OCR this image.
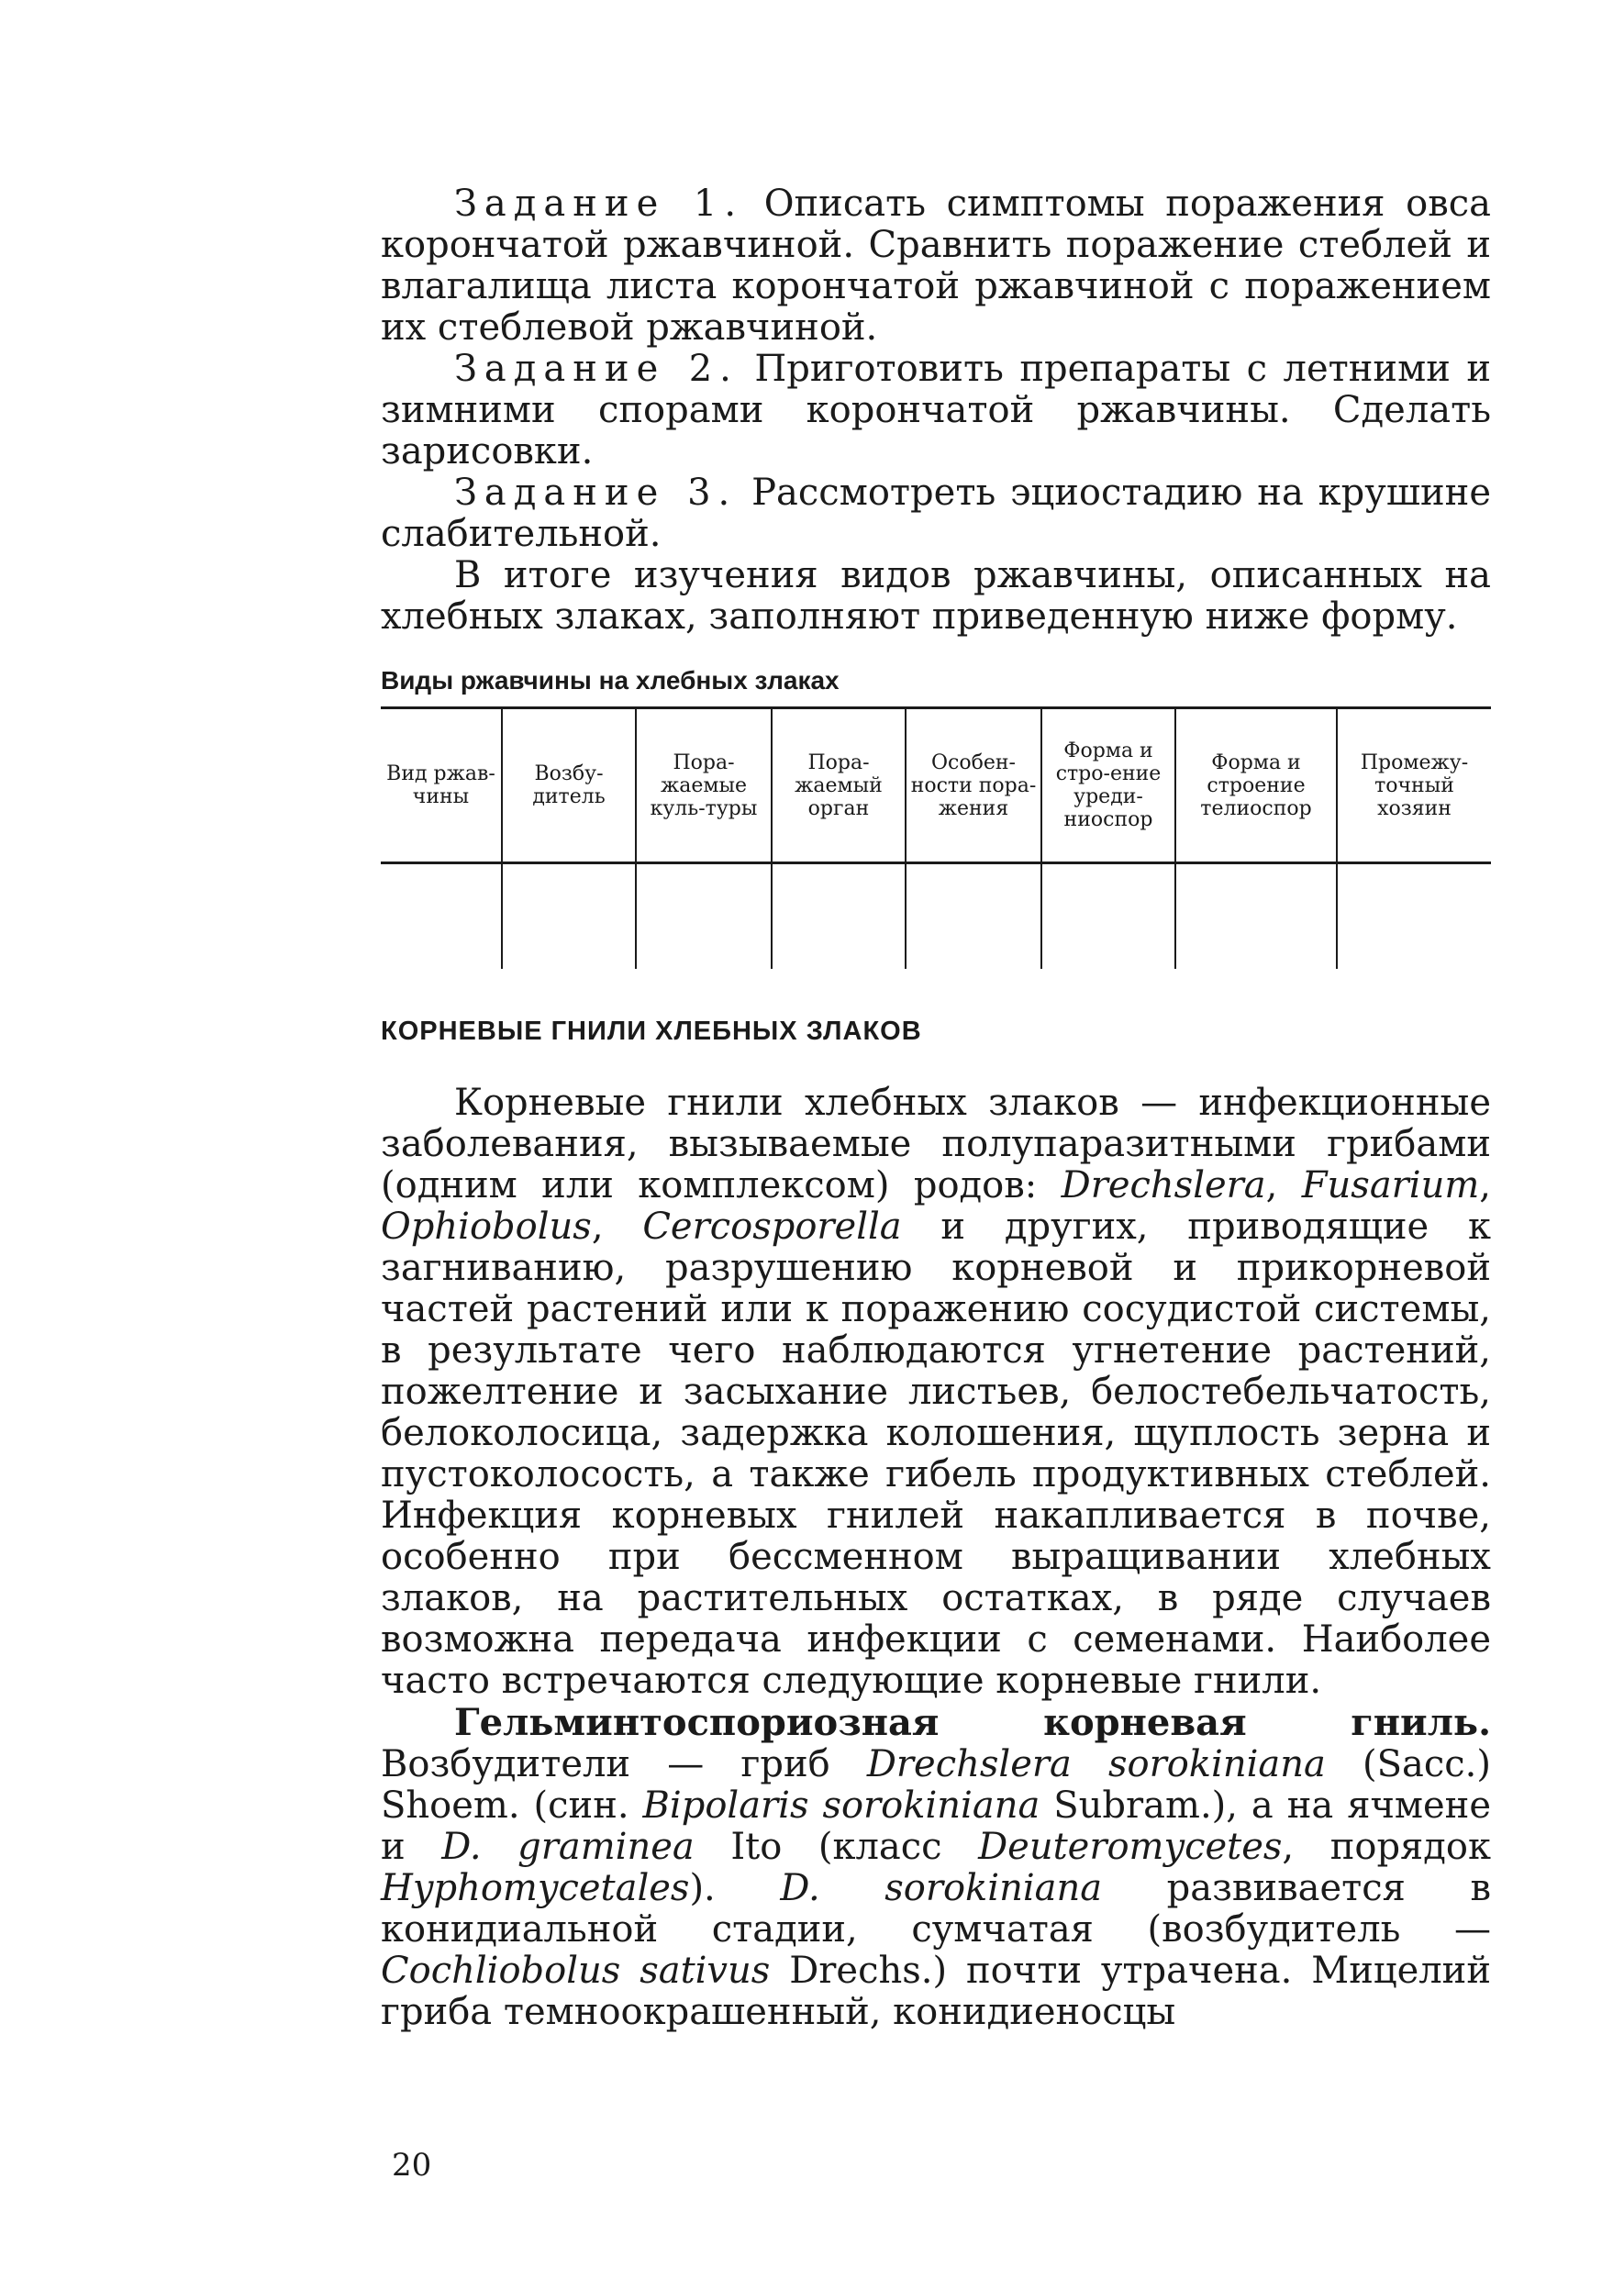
Задание 1. Описать симптомы поражения овса корончатой ржавчиной. Сравнить поражение стеблей и влагалища листа корончатой ржавчиной с поражением их стеблевой ржавчиной.

Задание 2. Приготовить препараты с летними и зимними спорами корончатой ржавчины. Сделать зарисовки.

Задание 3. Рассмотреть эциостадию на крушине слабительной.

В итоге изучения видов ржавчины, описанных на хлебных злаках, заполняют приведенную ниже форму.

Виды ржавчины на хлебных злаках
Вид ржав-чины	Возбу-дитель	Пора-жаемые куль-туры	Пора-жаемый орган	Особен-ности пора-жения	Форма и стро-ение уреди-ниоспор	Форма и строение телиоспор	Промежу-точный хозяин

КОРНЕВЫЕ ГНИЛИ ХЛЕБНЫХ ЗЛАКОВ

Корневые гнили хлебных злаков — инфекционные заболевания, вызываемые полупаразитными грибами (одним или комплексом) родов: Drechslera, Fusarium, Ophiobolus, Cercosporella и других, приводящие к загниванию, разрушению корневой и прикорневой частей растений или к поражению сосудистой системы, в результате чего наблюдаются угнетение растений, пожелтение и засыхание листьев, белостебельчатость, белоколосица, задержка колошения, щуплость зерна и пустоколосость, а также гибель продуктивных стеблей. Инфекция корневых гнилей накапливается в почве, особенно при бессменном выращивании хлебных злаков, на растительных остатках, в ряде случаев возможна передача инфекции с семенами. Наиболее часто встречаются следующие корневые гнили.

Гельминтоспориозная корневая гниль. Возбудители — гриб Drechslera sorokiniana (Sacc.) Shoem. (син. Bipolaris sorokiniana Subram.), а на ячмене и D. graminea Ito (класс Deuteromycetes, порядок Hyphomycetales). D. sorokiniana развивается в конидиальной стадии, сумчатая (возбудитель — Cochliobolus sativus Drechs.) почти утрачена. Мицелий гриба темноокрашенный, конидиеносцы

20
